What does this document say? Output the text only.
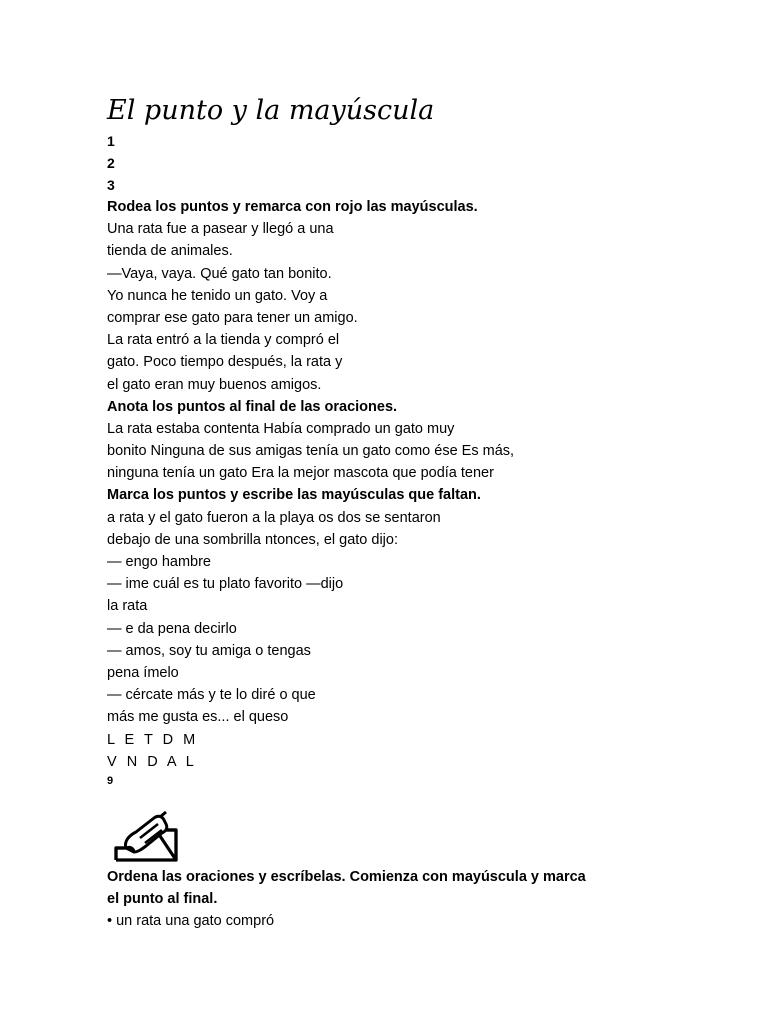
El punto y la mayúscula
1
2
3
Rodea los puntos y remarca con rojo las mayúsculas.
Una rata fue a pasear y llegó a una
tienda de animales.
—Vaya, vaya. Qué gato tan bonito.
Yo nunca he tenido un gato. Voy a
comprar ese gato para tener un amigo.
La rata entró a la tienda y compró el
gato. Poco tiempo después, la rata y
el gato eran muy buenos amigos.
Anota los puntos al final de las oraciones.
La rata estaba contenta Había comprado un gato muy
bonito Ninguna de sus amigas tenía un gato como ése Es más,
ninguna tenía un gato Era la mejor mascota que podía tener
Marca los puntos y escribe las mayúsculas que faltan.
a rata y el gato fueron a la playa os dos se sentaron
debajo de una sombrilla ntonces, el gato dijo:
— engo hambre
— ime cuál es tu plato favorito —dijo
la rata
— e da pena decirlo
— amos, soy tu amiga o tengas
pena ímelo
— cércate más y te lo diré o que
más me gusta es... el queso
L E T D M
V N D A L
9
Ordena las oraciones y escríbelas. Comienza con mayúscula y marca
el punto al final.
• un rata una gato compró
